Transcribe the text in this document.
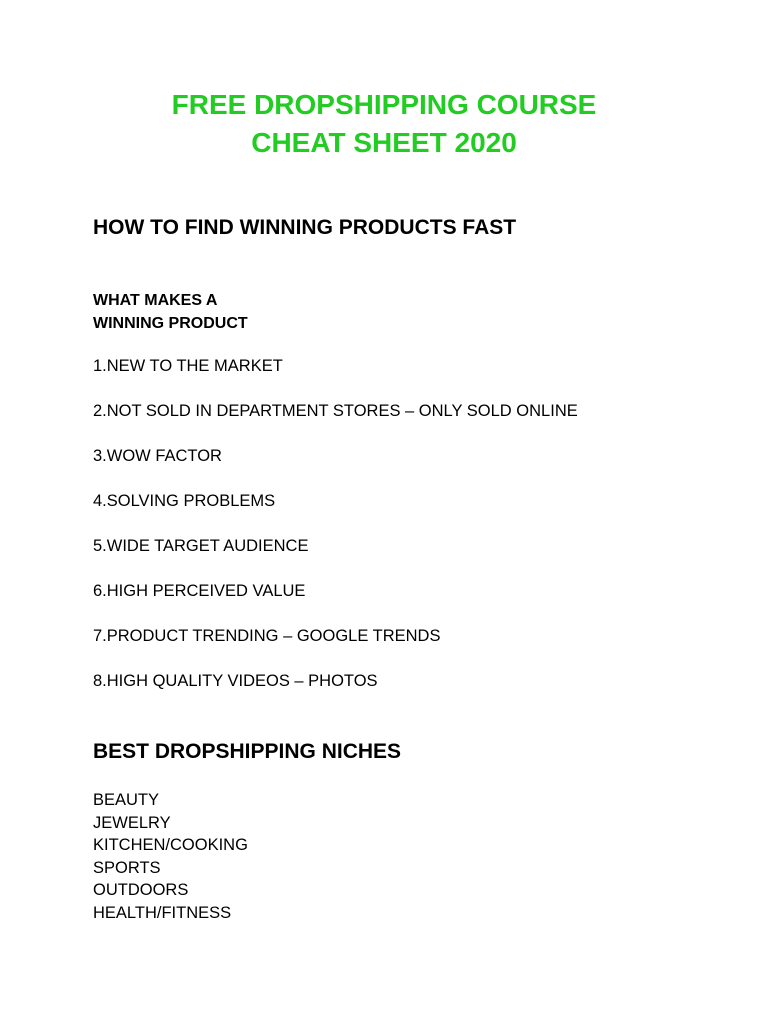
FREE DROPSHIPPING COURSE
CHEAT SHEET 2020
HOW TO FIND WINNING PRODUCTS FAST
WHAT MAKES A
WINNING PRODUCT
1.NEW TO THE MARKET
2.NOT SOLD IN DEPARTMENT STORES – ONLY SOLD ONLINE
3.WOW FACTOR
4.SOLVING PROBLEMS
5.WIDE TARGET AUDIENCE
6.HIGH PERCEIVED VALUE
7.PRODUCT TRENDING – GOOGLE TRENDS
8.HIGH QUALITY VIDEOS – PHOTOS
BEST DROPSHIPPING NICHES
BEAUTY
JEWELRY
KITCHEN/COOKING
SPORTS
OUTDOORS
HEALTH/FITNESS
